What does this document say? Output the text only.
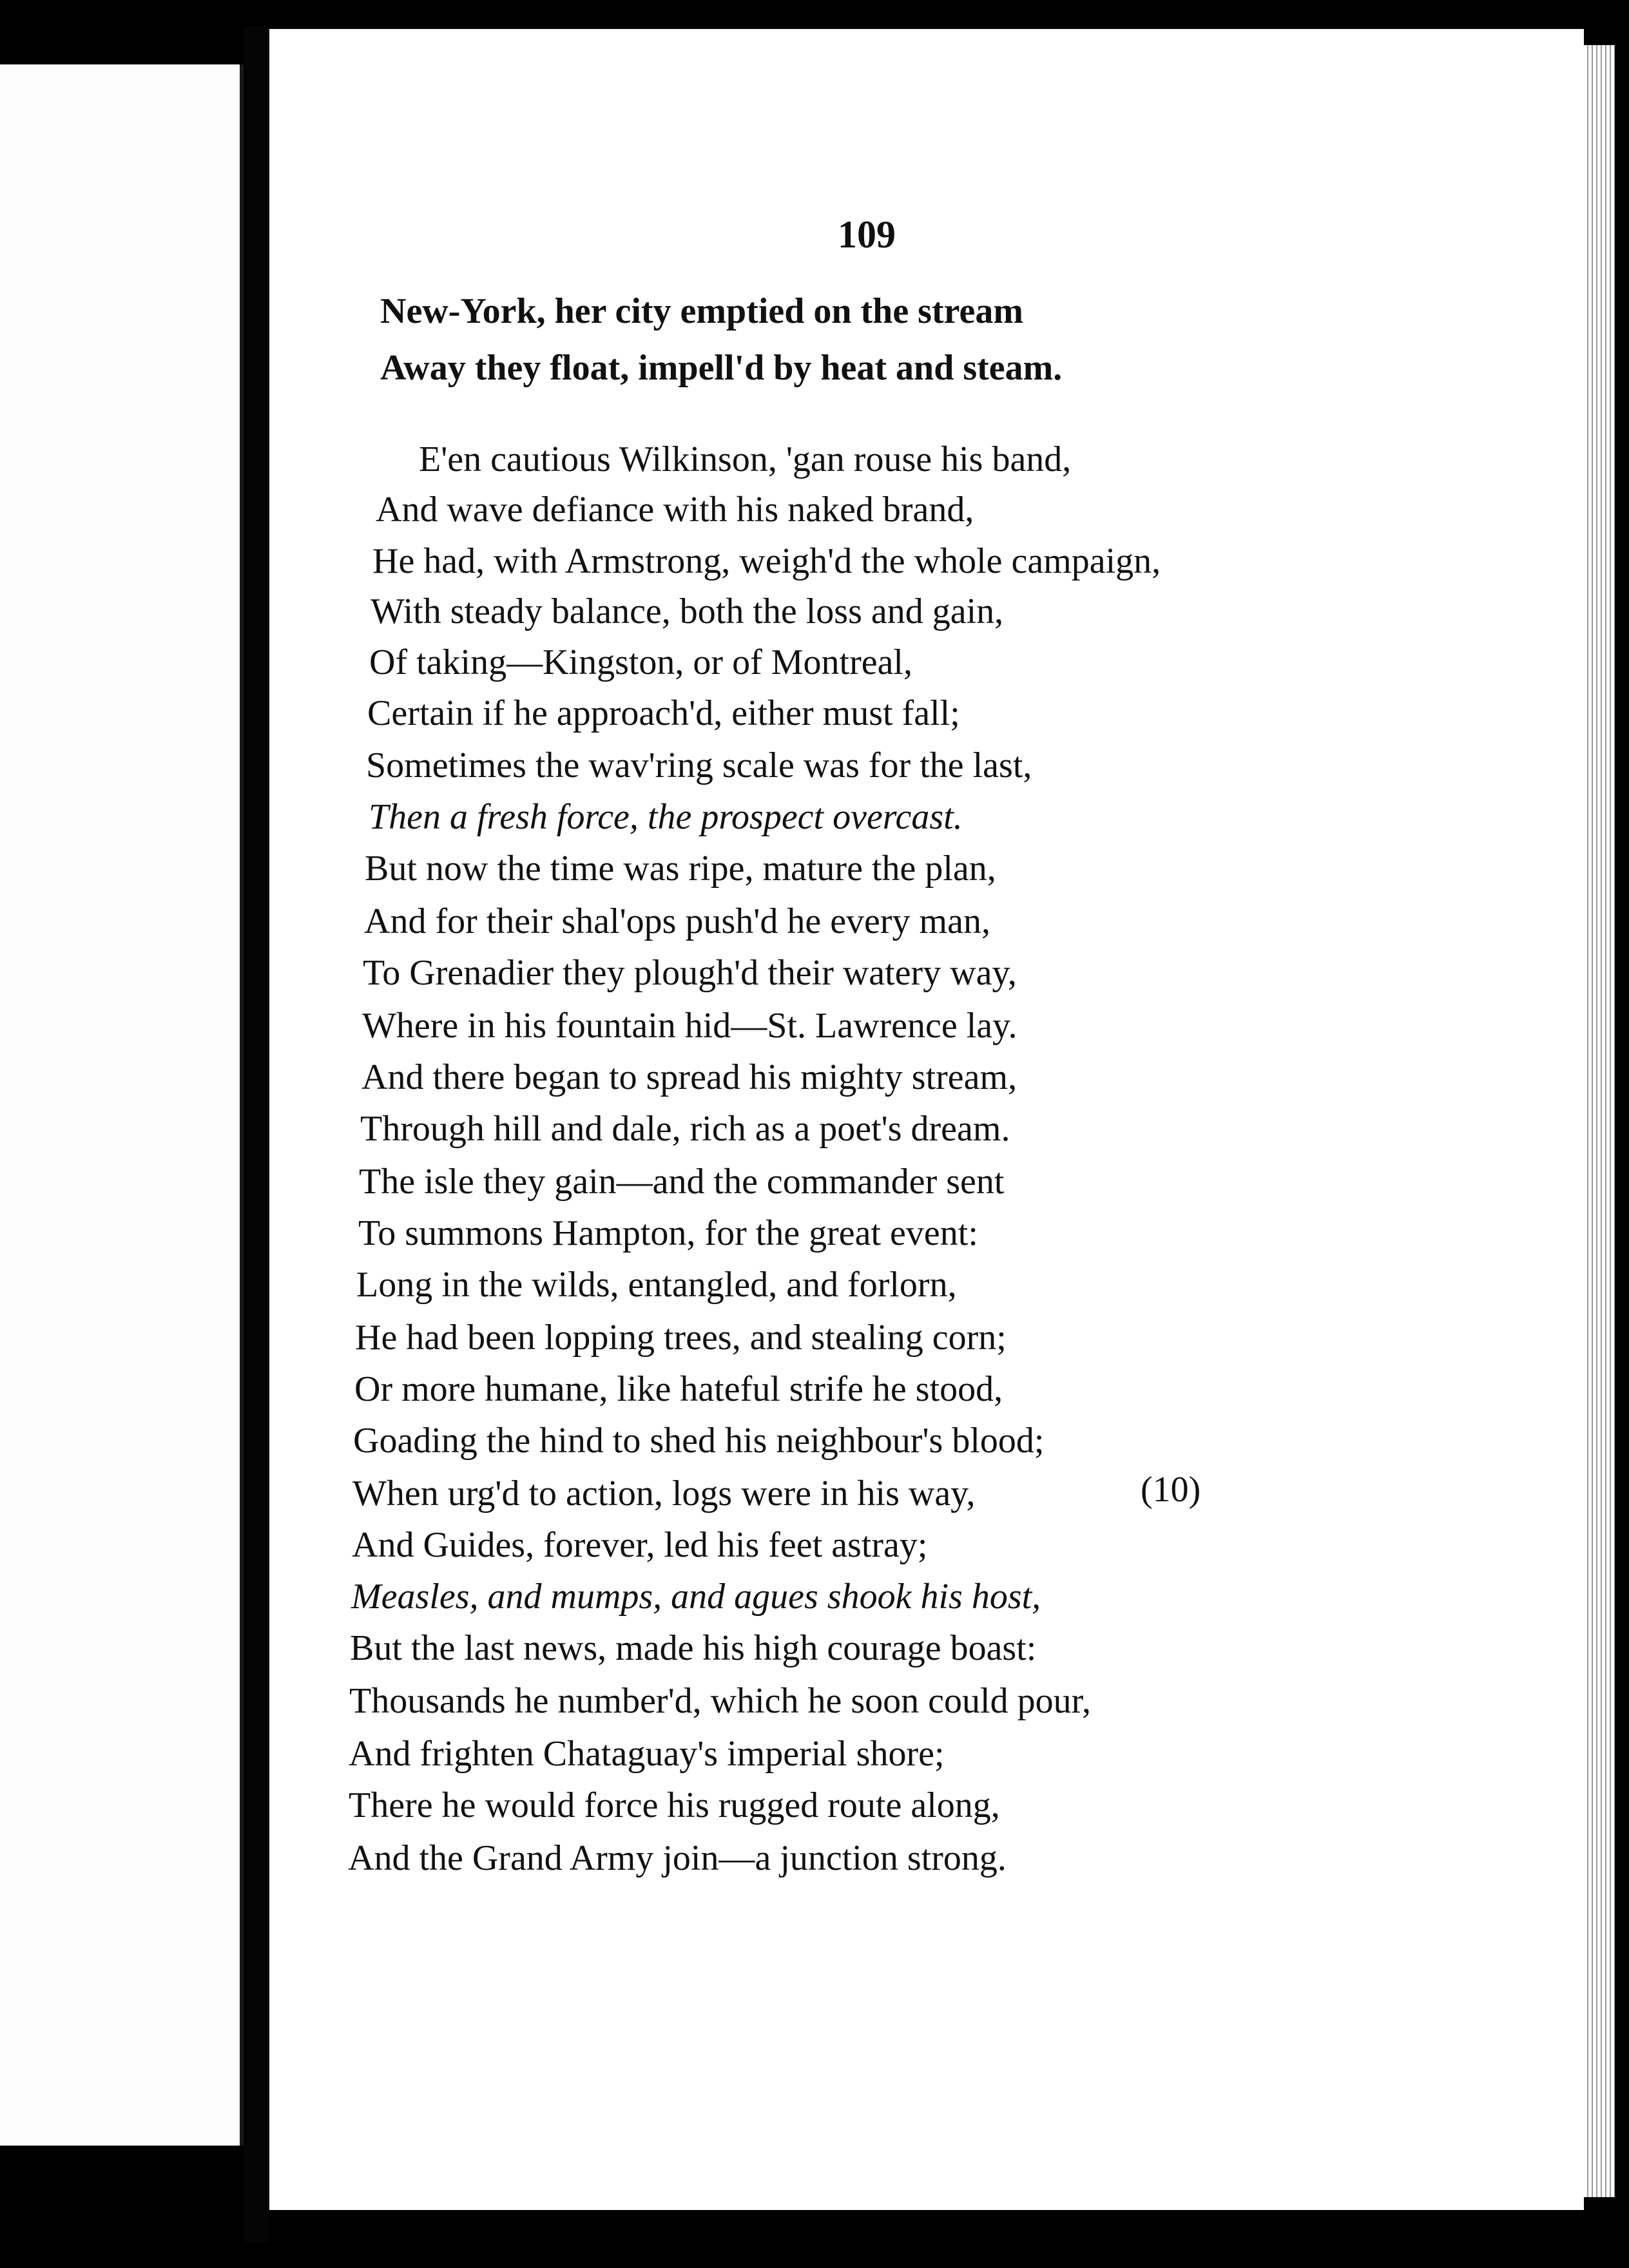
109
New-York, her city emptied on the stream
Away they float, impell'd by heat and steam.
E'en cautious Wilkinson, 'gan rouse his band,
And wave defiance with his naked brand,
He had, with Armstrong, weigh'd the whole campaign,
With steady balance, both the loss and gain,
Of taking—Kingston, or of Montreal,
Certain if he approach'd, either must fall;
Sometimes the wav'ring scale was for the last,
Then a fresh force, the prospect overcast.
But now the time was ripe, mature the plan,
And for their shal'ops push'd he every man,
To Grenadier they plough'd their watery way,
Where in his fountain hid—St. Lawrence lay.
And there began to spread his mighty stream,
Through hill and dale, rich as a poet's dream.
The isle they gain—and the commander sent
To summons Hampton, for the great event:
Long in the wilds, entangled, and forlorn,
He had been lopping trees, and stealing corn;
Or more humane, like hateful strife he stood,
Goading the hind to shed his neighbour's blood;
When urg'd to action, logs were in his way,
And Guides, forever, led his feet astray;
Measles, and mumps, and agues shook his host,
But the last news, made his high courage boast:
Thousands he number'd, which he soon could pour,
And frighten Chataguay's imperial shore;
There he would force his rugged route along,
And the Grand Army join—a junction strong.
(10)
